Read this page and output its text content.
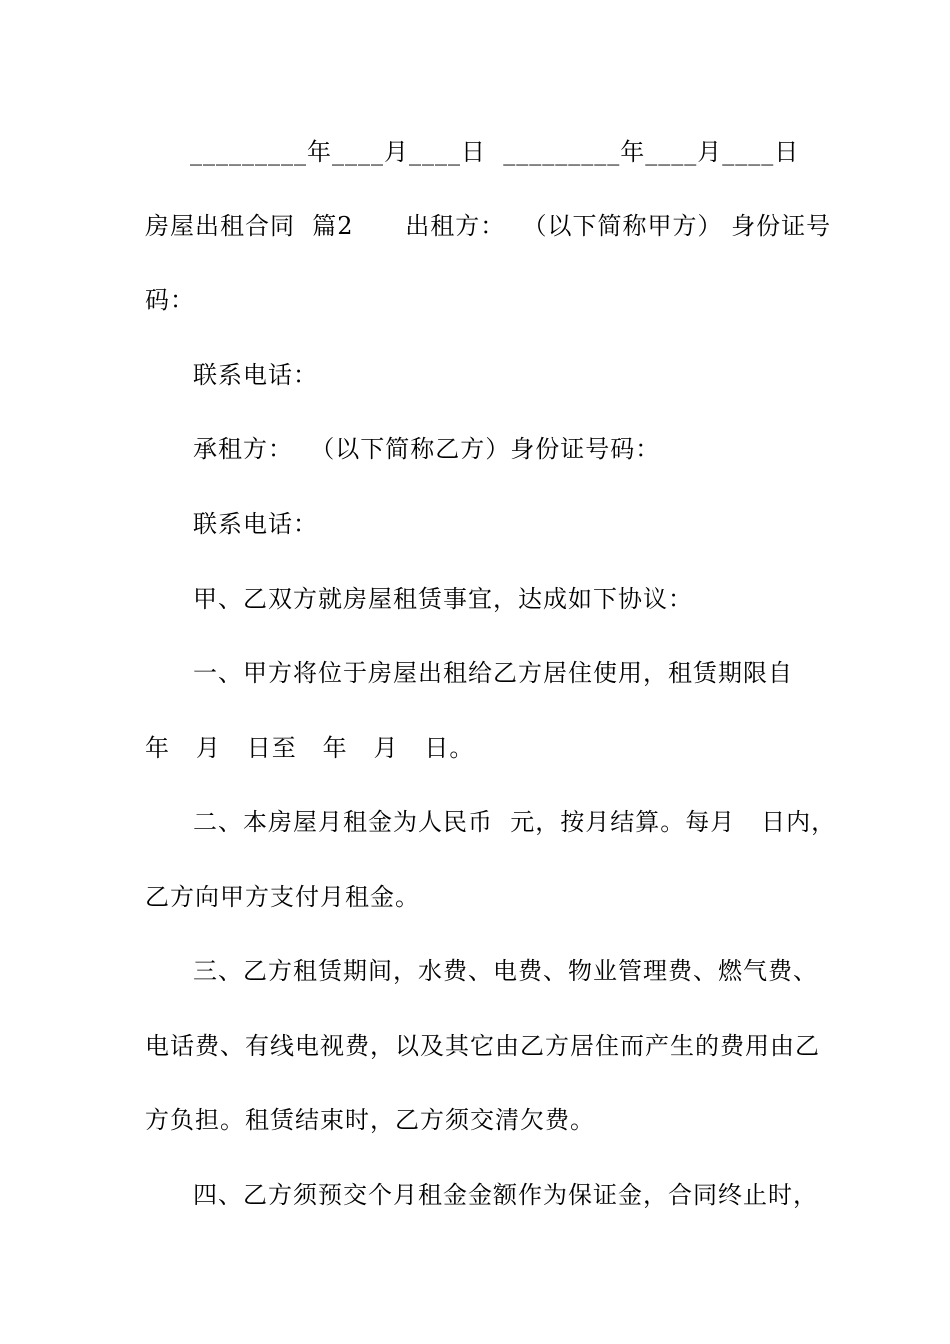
_________年____月____日  _________年____月____日
房屋出租合同  篇2      出租方：  （以下简称甲方） 身份证号
码：
联系电话：
承租方：  （以下简称乙方）身份证号码：
联系电话：
甲、乙双方就房屋租赁事宜，达成如下协议：
一、甲方将位于房屋出租给乙方居住使用，租赁期限自
年   月   日至   年   月   日。
二、本房屋月租金为人民币  元，按月结算。每月   日内，
乙方向甲方支付月租金。
三、乙方租赁期间，水费、电费、物业管理费、燃气费、
电话费、有线电视费，以及其它由乙方居住而产生的费用由乙
方负担。租赁结束时，乙方须交清欠费。
四、乙方须预交个月租金金额作为保证金，合同终止时，
